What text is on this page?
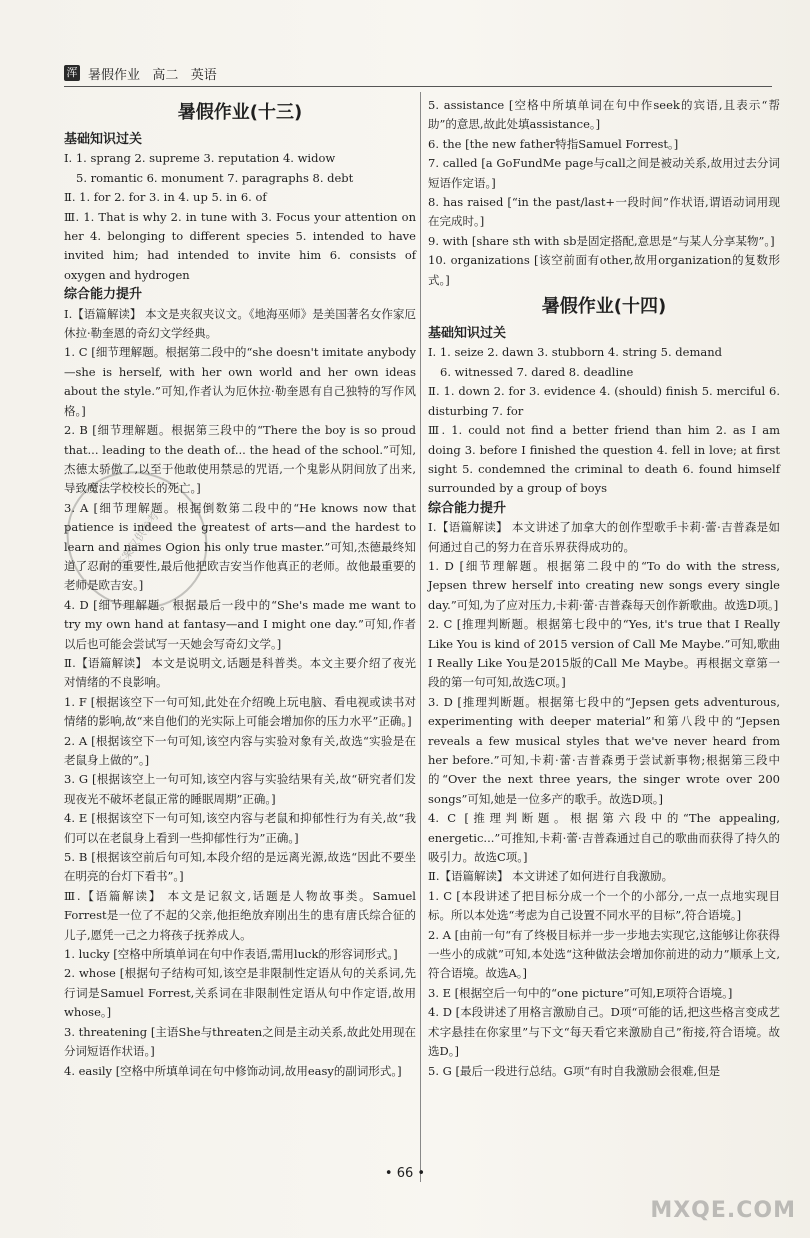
浑 暑假作业   高二   英语
暑假作业(十三)
基础知识过关
Ⅰ. 1. sprang 2. supreme 3. reputation 4. widow
5. romantic 6. monument 7. paragraphs 8. debt
Ⅱ. 1. for 2. for 3. in 4. up 5. in 6. of
Ⅲ. 1. That is why 2. in tune with 3. Focus your attention on her 4. belonging to different species 5. intended to have invited him; had intended to invite him 6. consists of oxygen and hydrogen
综合能力提升
Ⅰ.【语篇解读】 本文是夹叙夹议文。《地海巫师》是美国著名女作家厄休拉·勒奎恩的奇幻文学经典。
1. C [细节理解题。根据第二段中的“she doesn't imitate anybody—she is herself, with her own world and her own ideas about the style.”可知,作者认为厄休拉·勒奎恩有自己独特的写作风格。]
2. B [细节理解题。根据第三段中的“There the boy is so proud that... leading to the death of... the head of the school.”可知,杰德太骄傲了,以至于他敢使用禁忌的咒语,一个鬼影从阴间放了出来,导致魔法学校校长的死亡。]
3. A [细节理解题。根据倒数第二段中的“He knows now that patience is indeed the greatest of arts—and the hardest to learn and names Ogion his only true master.”可知,杰德最终知道了忍耐的重要性,最后他把欧吉安当作他真正的老师。故他最重要的老师是欧吉安。]
4. D [细节理解题。根据最后一段中的“She's made me want to try my own hand at fantasy—and I might one day.”可知,作者以后也可能会尝试写一天她会写奇幻文学。]
Ⅱ.【语篇解读】 本文是说明文,话题是科普类。本文主要介绍了夜光对情绪的不良影响。
1. F [根据该空下一句可知,此处在介绍晚上玩电脑、看电视或读书对情绪的影响,故“来自他们的光实际上可能会增加你的压力水平”正确。]
2. A [根据该空下一句可知,该空内容与实验对象有关,故选“实验是在老鼠身上做的”。]
3. G [根据该空上一句可知,该空内容与实验结果有关,故“研究者们发现夜光不破坏老鼠正常的睡眠周期”正确。]
4. E [根据该空下一句可知,该空内容与老鼠和抑郁性行为有关,故“我们可以在老鼠身上看到一些抑郁性行为”正确。]
5. B [根据该空前后句可知,本段介绍的是远离光源,故选“因此不要坐在明亮的台灯下看书”。]
Ⅲ.【语篇解读】 本文是记叙文,话题是人物故事类。Samuel Forrest是一位了不起的父亲,他拒绝放弃刚出生的患有唐氏综合征的儿子,愿凭一己之力将孩子抚养成人。
1. lucky [空格中所填单词在句中作表语,需用luck的形容词形式。]
2. whose [根据句子结构可知,该空是非限制性定语从句的关系词,先行词是Samuel Forrest,关系词在非限制性定语从句中作定语,故用whose。]
3. threatening [主语She与threaten之间是主动关系,故此处用现在分词短语作状语。]
4. easily [空格中所填单词在句中修饰动词,故用easy的副词形式。]
5. assistance [空格中所填单词在句中作seek的宾语,且表示“帮助”的意思,故此处填assistance。]
6. the [the new father特指Samuel Forrest。]
7. called [a GoFundMe page与call之间是被动关系,故用过去分词短语作定语。]
8. has raised [“in the past/last+一段时间”作状语,谓语动词用现在完成时。]
9. with [share sth with sb是固定搭配,意思是“与某人分享某物”。]
10. organizations [该空前面有other,故用organization的复数形式。]
暑假作业(十四)
基础知识过关
Ⅰ. 1. seize 2. dawn 3. stubborn 4. string 5. demand
6. witnessed 7. dared 8. deadline
Ⅱ. 1. down 2. for 3. evidence 4. (should) finish 5. merciful 6. disturbing 7. for
Ⅲ. 1. could not find a better friend than him 2. as I am doing 3. before I finished the question 4. fell in love; at first sight 5. condemned the criminal to death 6. found himself surrounded by a group of boys
综合能力提升
Ⅰ.【语篇解读】 本文讲述了加拿大的创作型歌手卡莉·蕾·吉普森是如何通过自己的努力在音乐界获得成功的。
1. D [细节理解题。根据第二段中的“To do with the stress, Jepsen threw herself into creating new songs every single day.”可知,为了应对压力,卡莉·蕾·吉普森每天创作新歌曲。故选D项。]
2. C [推理判断题。根据第七段中的“Yes, it's true that I Really Like You is kind of 2015 version of Call Me Maybe.”可知,歌曲I Really Like You是2015版的Call Me Maybe。再根据文章第一段的第一句可知,故选C项。]
3. D [推理判断题。根据第七段中的“Jepsen gets adventurous, experimenting with deeper material”和第八段中的“Jepsen reveals a few musical styles that we've never heard from her before.”可知,卡莉·蕾·吉普森勇于尝试新事物;根据第三段中的“Over the next three years, the singer wrote over 200 songs”可知,她是一位多产的歌手。故选D项。]
4. C [推理判断题。根据第六段中的“The appealing, energetic...”可推知,卡莉·蕾·吉普森通过自己的歌曲而获得了持久的吸引力。故选C项。]
Ⅱ.【语篇解读】 本文讲述了如何进行自我激励。
1. C [本段讲述了把目标分成一个一个的小部分,一点一点地实现目标。所以本处选“考虑为自己设置不同水平的目标”,符合语境。]
2. A [由前一句“有了终极目标并一步一步地去实现它,这能够让你获得一些小的成就”可知,本处选“这种做法会增加你前进的动力”顺承上文,符合语境。故选A。]
3. E [根据空后一句中的“one picture”可知,E项符合语境。]
4. D [本段讲述了用格言激励自己。D项“可能的话,把这些格言变成艺术字悬挂在你家里”与下文“每天看它来激励自己”衔接,符合语境。故选D。]
5. G [最后一段进行总结。G项“有时自我激励会很难,但是
答案仅供参考
• 66 •
MXQE.COM
